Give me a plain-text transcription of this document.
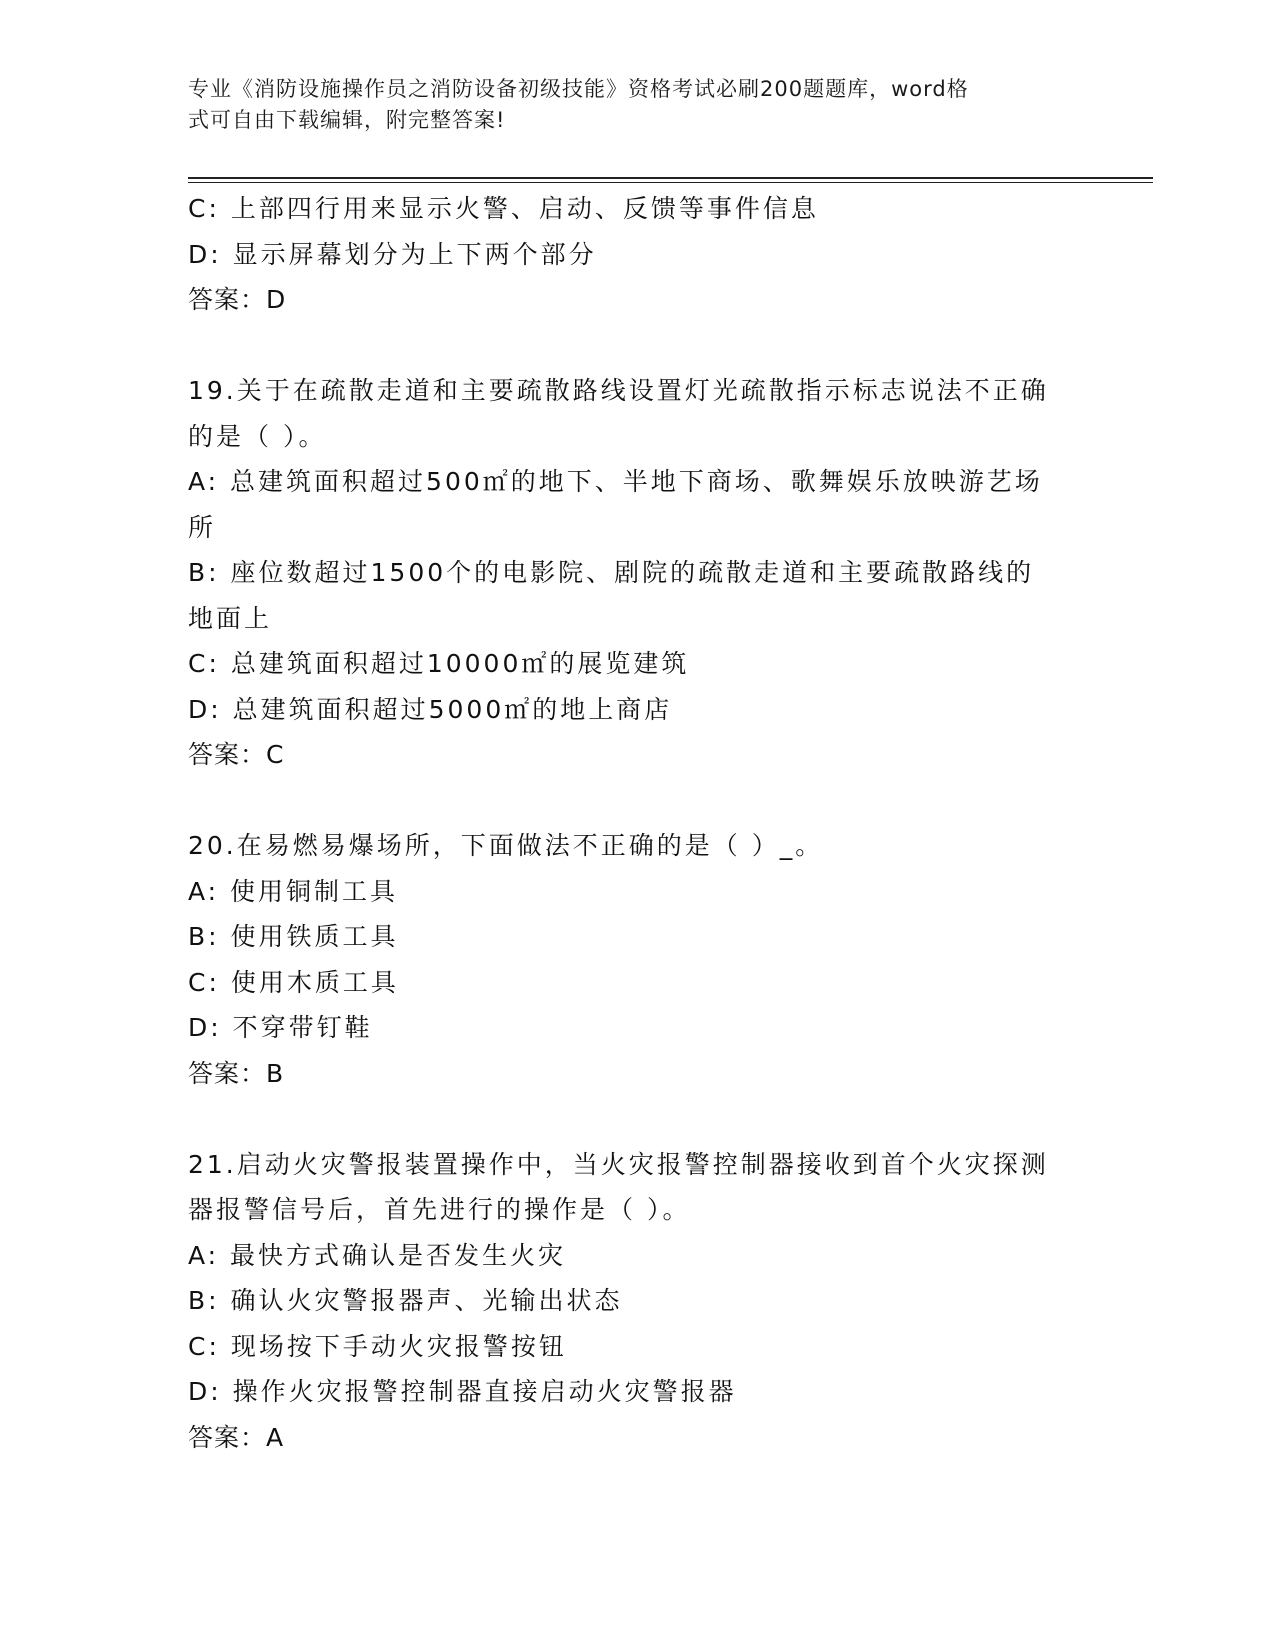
专业《消防设施操作员之消防设备初级技能》资格考试必刷200题题库，word格
式可自由下载编辑，附完整答案!
C: 上部四行用来显示火警、启动、反馈等事件信息
D: 显示屏幕划分为上下两个部分
答案：D
19.关于在疏散走道和主要疏散路线设置灯光疏散指示标志说法不正确
的是（ ）。
A: 总建筑面积超过500㎡的地下、半地下商场、歌舞娱乐放映游艺场
所
B: 座位数超过1500个的电影院、剧院的疏散走道和主要疏散路线的
地面上
C: 总建筑面积超过10000㎡的展览建筑
D: 总建筑面积超过5000㎡的地上商店
答案：C
20.在易燃易爆场所，下面做法不正确的是（ ）_。
A: 使用铜制工具
B: 使用铁质工具
C: 使用木质工具
D: 不穿带钉鞋
答案：B
21.启动火灾警报装置操作中，当火灾报警控制器接收到首个火灾探测
器报警信号后，首先进行的操作是（ ）。
A: 最快方式确认是否发生火灾
B: 确认火灾警报器声、光输出状态
C: 现场按下手动火灾报警按钮
D: 操作火灾报警控制器直接启动火灾警报器
答案：A
